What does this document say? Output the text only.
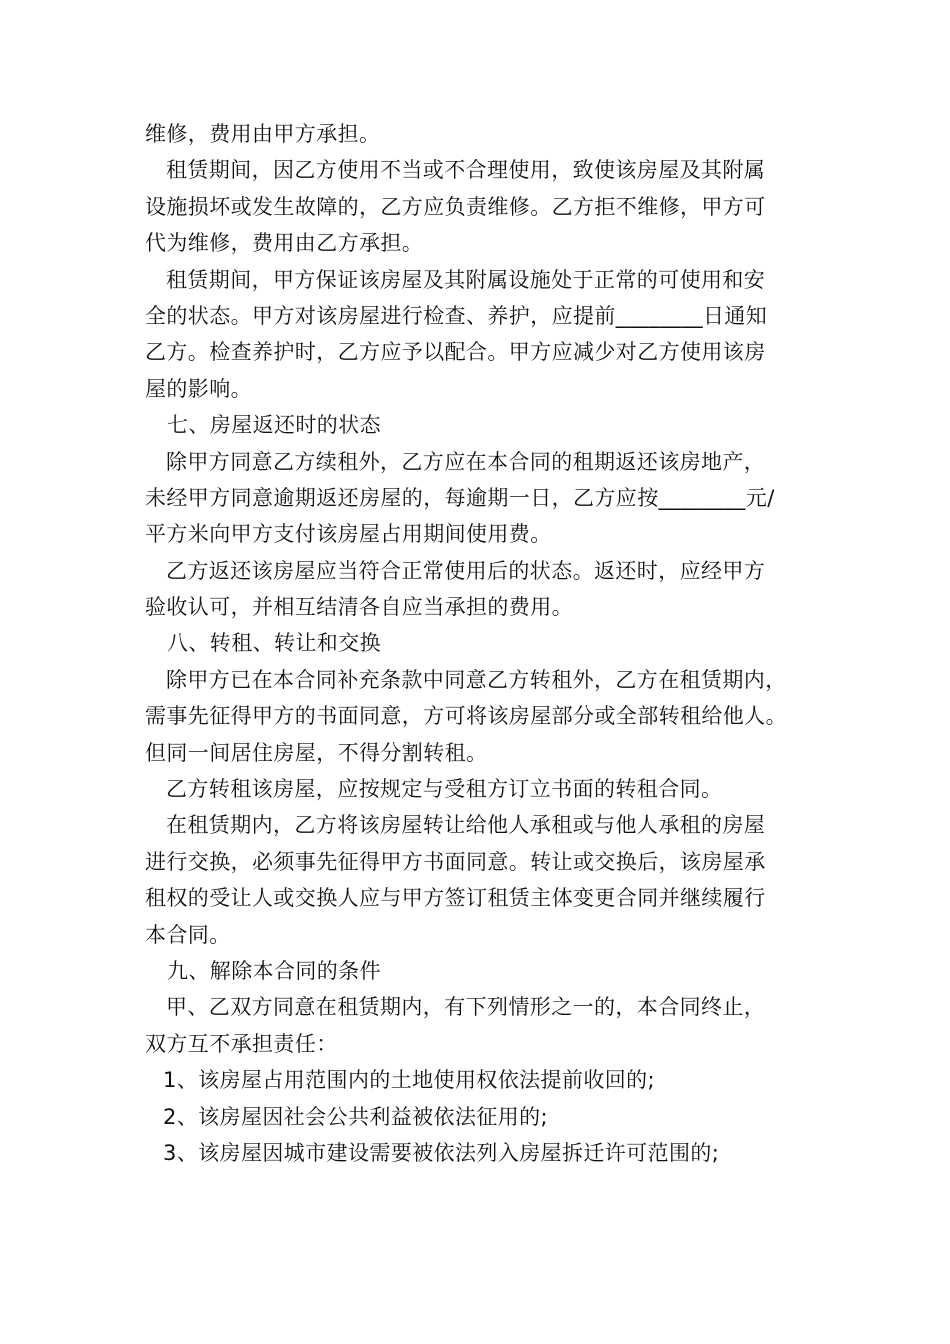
维修，费用由甲方承担。
租赁期间，因乙方使用不当或不合理使用，致使该房屋及其附属
设施损坏或发生故障的，乙方应负责维修。乙方拒不维修，甲方可
代为维修，费用由乙方承担。
租赁期间，甲方保证该房屋及其附属设施处于正常的可使用和安
全的状态。甲方对该房屋进行检查、养护，应提前________日通知
乙方。检查养护时，乙方应予以配合。甲方应减少对乙方使用该房
屋的影响。
七、房屋返还时的状态
除甲方同意乙方续租外，乙方应在本合同的租期返还该房地产，
未经甲方同意逾期返还房屋的，每逾期一日，乙方应按________元/
平方米向甲方支付该房屋占用期间使用费。
乙方返还该房屋应当符合正常使用后的状态。返还时，应经甲方
验收认可，并相互结清各自应当承担的费用。
八、转租、转让和交换
除甲方已在本合同补充条款中同意乙方转租外，乙方在租赁期内，
需事先征得甲方的书面同意，方可将该房屋部分或全部转租给他人。
但同一间居住房屋，不得分割转租。
乙方转租该房屋，应按规定与受租方订立书面的转租合同。
在租赁期内，乙方将该房屋转让给他人承租或与他人承租的房屋
进行交换，必须事先征得甲方书面同意。转让或交换后，该房屋承
租权的受让人或交换人应与甲方签订租赁主体变更合同并继续履行
本合同。
九、解除本合同的条件
甲、乙双方同意在租赁期内，有下列情形之一的，本合同终止，
双方互不承担责任：
1、该房屋占用范围内的土地使用权依法提前收回的;
2、该房屋因社会公共利益被依法征用的;
3、该房屋因城市建设需要被依法列入房屋拆迁许可范围的;
